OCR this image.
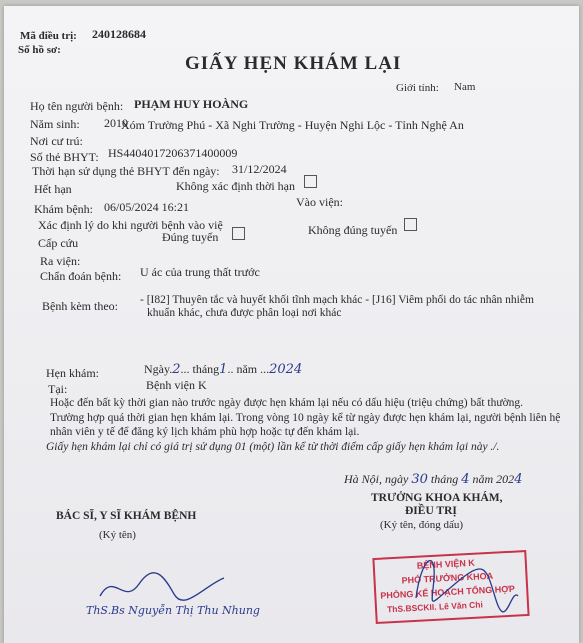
Mã điều trị: 240128684
Số hồ sơ:
GIẤY HẸN KHÁM LẠI
Giới tính: Nam
Họ tên người bệnh: PHẠM HUY HOÀNG
Năm sinh: 2010
Nơi cư trú:
Xóm Trường Phú - Xã Nghi Trường - Huyện Nghi Lộc - Tỉnh Nghệ An
Số thẻ BHYT: HS4404017206371400009
Thời hạn sử dụng thẻ BHYT đến ngày: 31/12/2024
Hết hạn	Không xác định thời hạn
Khám bệnh: 06/05/2024 16:21	Vào viện:
Xác định lý do khi người bệnh vào việ
Cấp cứu	Đúng tuyến	Không đúng tuyến
Ra viện:
Chẩn đoán bệnh: U ác của trung thất trước
Bệnh kèm theo: - [I82] Thuyên tắc và huyết khối tĩnh mạch khác - [J16] Viêm phổi do tác nhân nhiễm
khuẩn khác, chưa được phân loại nơi khác
Hẹn khám:	Ngày.2... tháng1.. năm ...2024
Tại:	Bệnh viện K
Hoặc đến bất kỳ thời gian nào trước ngày được hẹn khám lại nếu có dấu hiệu (triệu chứng) bất thường.
Trường hợp quá thời gian hẹn khám lại. Trong vòng 10 ngày kể từ ngày được hẹn khám lại, người bệnh liên hệ
nhân viên y tế để đăng ký lịch khám phù hợp hoặc tự đến khám lại.
Giấy hẹn khám lại chỉ có giá trị sử dụng 01 (một) lần kể từ thời điểm cấp giấy hẹn khám lại này ./.
Hà Nội, ngày 30 tháng 4 năm 2024
TRƯỞNG KHOA KHÁM,
ĐIỀU TRỊ
(Ký tên, đóng dấu)
BÁC SĨ, Y SĨ KHÁM BỆNH
(Ký tên)
ThS.Bs Nguyễn Thị Thu Nhung
BỆNH VIỆN K
PHÓ TRƯỞNG KHOA
PHÒNG KẾ HOẠCH TỔNG HỢP
ThS.BSCKII. Lê Văn Chi
